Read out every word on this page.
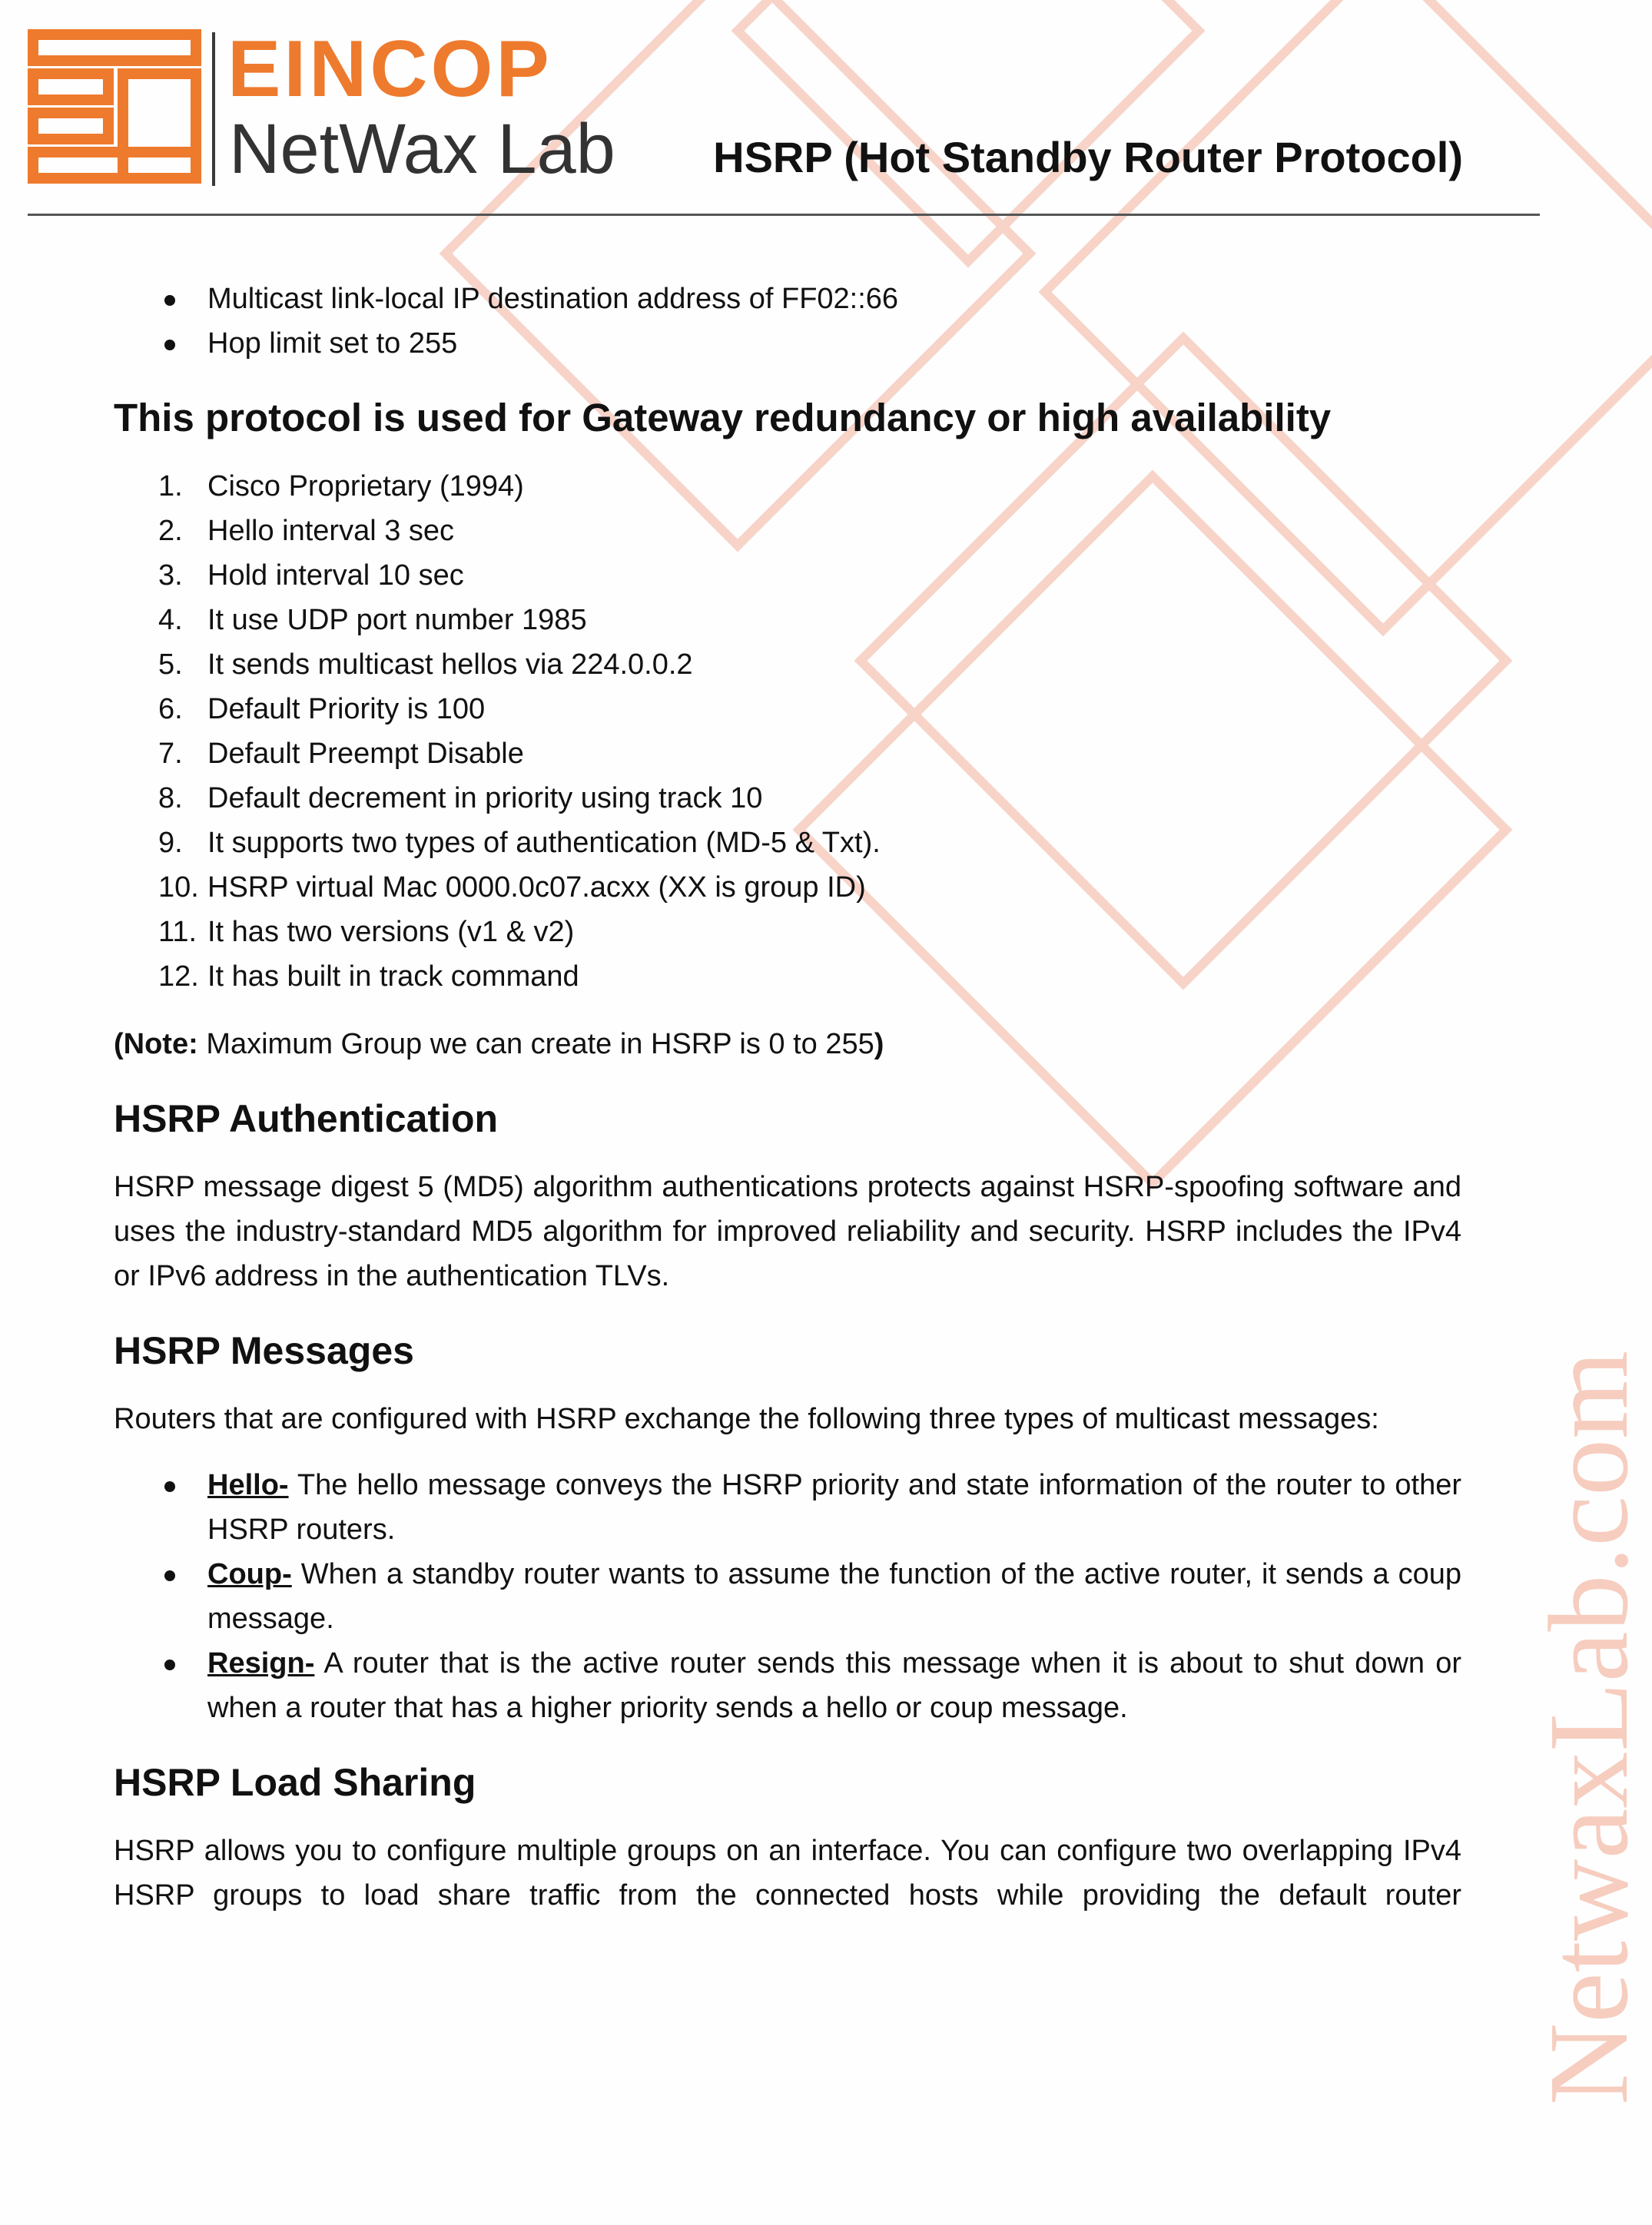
EINCOP
NetWax Lab HSRP (Hot Standby Router Protocol)
Multicast link-local IP destination address of FF02::66
Hop limit set to 255
This protocol is used for Gateway redundancy or high availability
1. Cisco Proprietary (1994)
2. Hello interval 3 sec
3. Hold interval 10 sec
4. It use UDP port number 1985
5. It sends multicast hellos via 224.0.0.2
6. Default Priority is 100
7. Default Preempt Disable
8. Default decrement in priority using track 10
9. It supports two types of authentication (MD-5 & Txt).
10. HSRP virtual Mac 0000.0c07.acxx (XX is group ID)
11. It has two versions (v1 & v2)
12. It has built in track command

(Note: Maximum Group we can create in HSRP is 0 to 255)

HSRP Authentication

HSRP message digest 5 (MD5) algorithm authentications protects against HSRP-spoofing software and uses the industry-standard MD5 algorithm for improved reliability and security. HSRP includes the IPv4 or IPv6 address in the authentication TLVs.

HSRP Messages

Routers that are configured with HSRP exchange the following three types of multicast messages:

Hello- The hello message conveys the HSRP priority and state information of the router to other HSRP routers.
Coup- When a standby router wants to assume the function of the active router, it sends a coup message.
Resign- A router that is the active router sends this message when it is about to shut down or when a router that has a higher priority sends a hello or coup message.
HSRP Load Sharing

HSRP allows you to configure multiple groups on an interface. You can configure two overlapping IPv4 HSRP groups to load share traffic from the connected hosts while providing the default router NetwaxLab.com
